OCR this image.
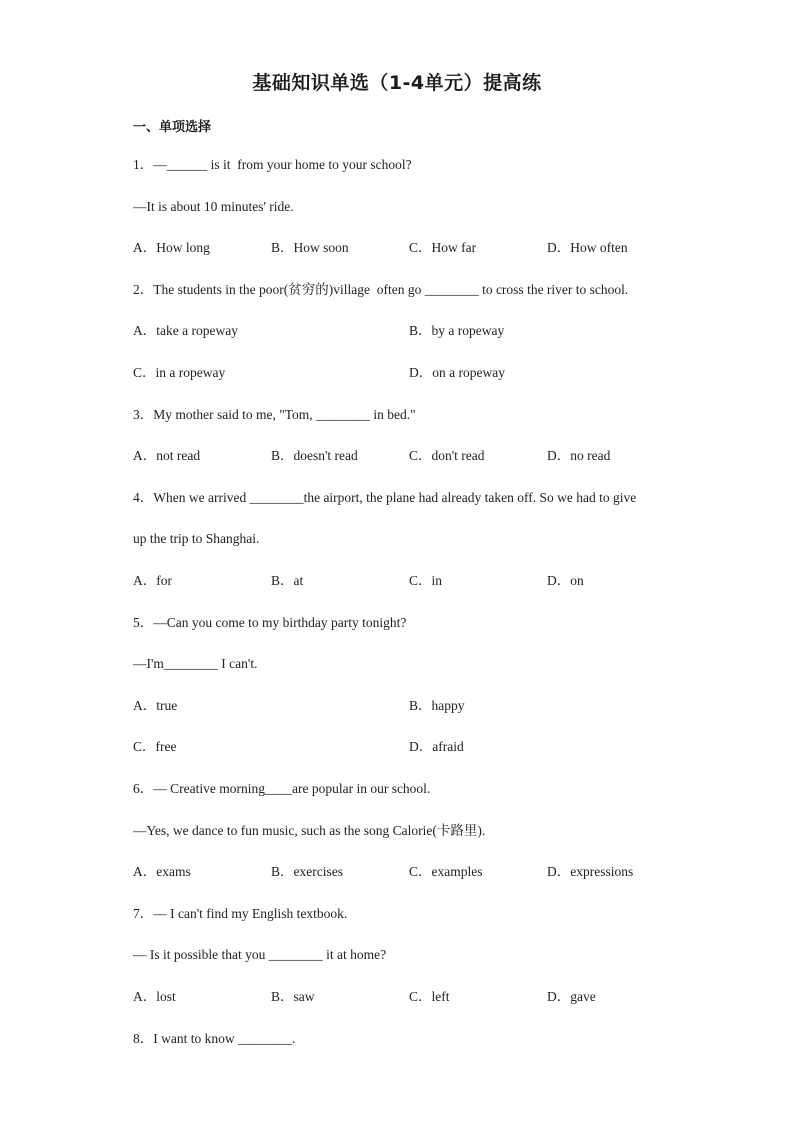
基础知识单选（1-4单元）提高练
一、单项选择
1．—______ is it  from your home to your school?
—It is about 10 minutes' ride.
A．How long	B．How soon	C．How far	D．How often
2．The students in the poor(贫穷的)village  often go ________ to cross the river to school.
A．take a ropeway	B．by a ropeway
C．in a ropeway	D．on a ropeway
3．My mother said to me, "Tom, ________ in bed."
A．not read	B．doesn't read	C．don't read	D．no read
4．When we arrived ________the airport, the plane had already taken off. So we had to give
up the trip to Shanghai.
A．for	B．at	C．in	D．on
5．—Can you come to my birthday party tonight?
—I'm________ I can't.
A．true	B．happy
C．free	D．afraid
6．— Creative morning____are popular in our school.
—Yes, we dance to fun music, such as the song Calorie(卡路里).
A．exams	B．exercises	C．examples	D．expressions
7．— I can't find my English textbook.
— Is it possible that you ________ it at home?
A．lost	B．saw	C．left	D．gave
8．I want to know ________.
